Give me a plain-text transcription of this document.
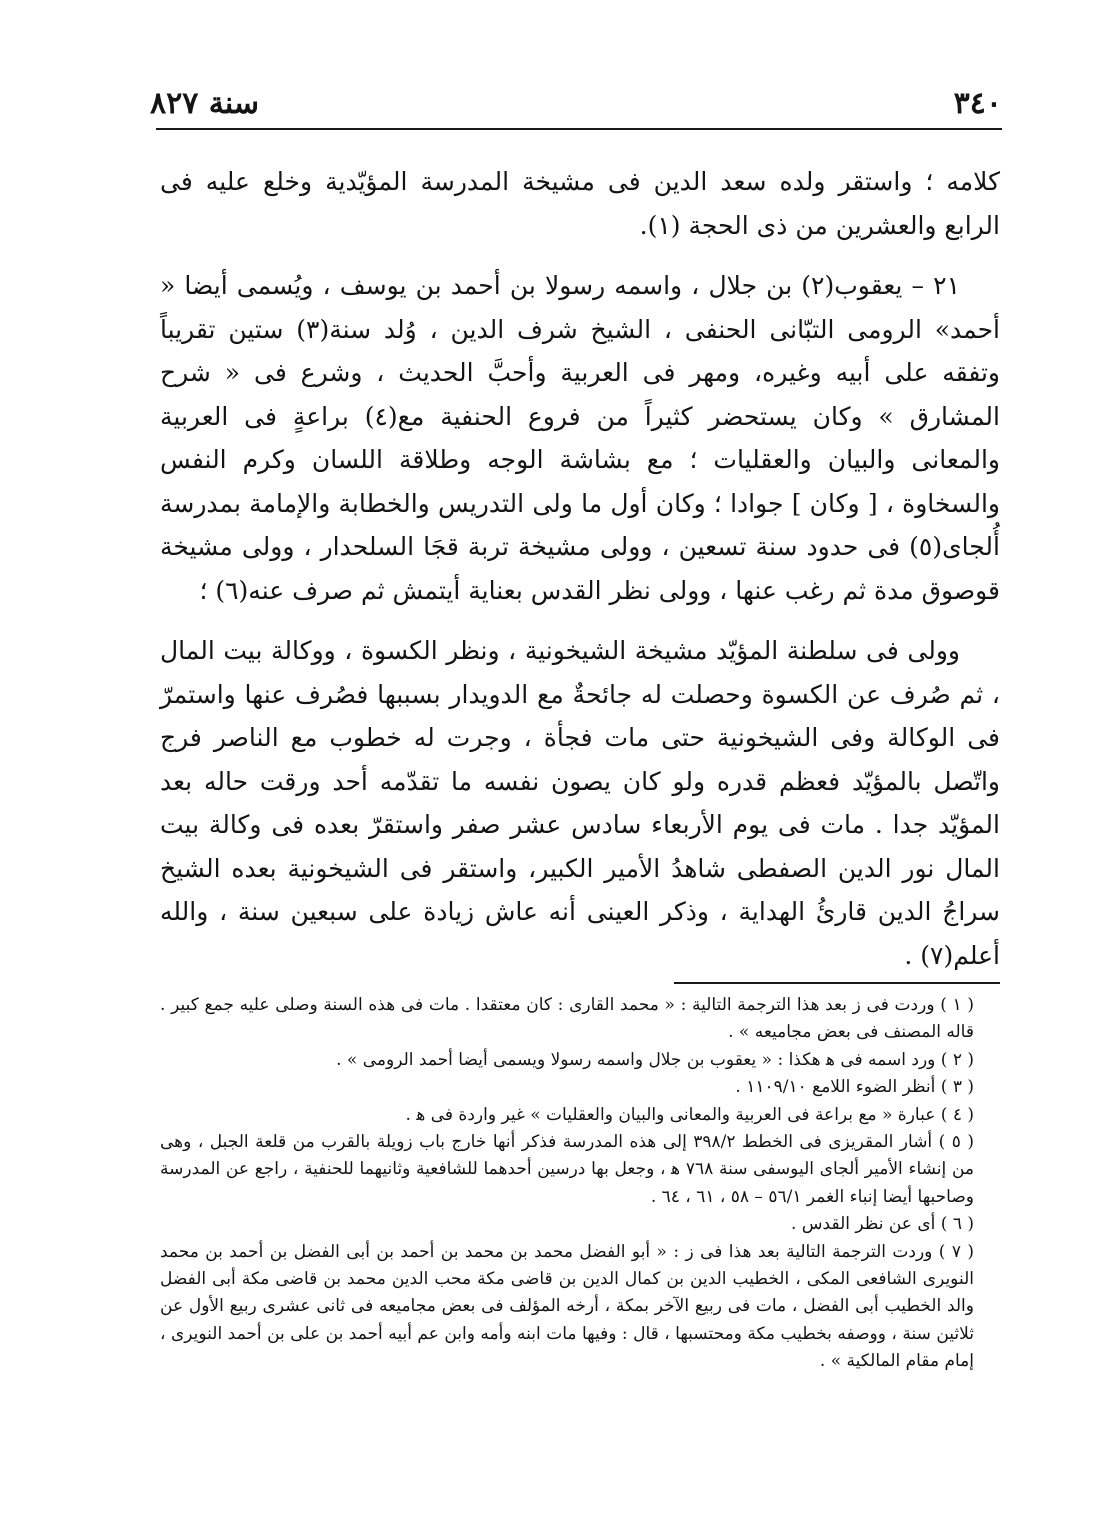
٣٤٠
سنة ٨٢٧

كلامه ؛ واستقر ولده سعد الدين فى مشيخة المدرسة المؤيّدية وخلع عليه فى الرابع والعشرين من ذى الحجة (١).

٢١ – يعقوب(٢) بن جلال ، واسمه رسولا بن أحمد بن يوسف ، ويُسمى أيضا « أحمد» الرومى التبّانى الحنفى ، الشيخ شرف الدين ، وُلد سنة(٣) ستين تقريباً وتفقه على أبيه وغيره، ومهر فى العربية وأحبَّ الحديث ، وشرع فى « شرح المشارق » وكان يستحضر كثيراً من فروع الحنفية مع(٤) براعةٍ فى العربية والمعانى والبيان والعقليات ؛ مع بشاشة الوجه وطلاقة اللسان وكرم النفس والسخاوة ، [ وكان ] جوادا ؛ وكان أول ما ولى التدريس والخطابة والإمامة بمدرسة أُلجاى(٥) فى حدود سنة تسعين ، وولى مشيخة تربة قجَا السلحدار ، وولى مشيخة قوصوق مدة ثم رغب عنها ، وولى نظر القدس بعناية أيتمش ثم صرف عنه(٦) ؛

وولى فى سلطنة المؤيّد مشيخة الشيخونية ، ونظر الكسوة ، ووكالة بيت المال ، ثم صُرف عن الكسوة وحصلت له جائحةٌ مع الدويدار بسببها فصُرف عنها واستمرّ فى الوكالة وفى الشيخونية حتى مات فجأة ، وجرت له خطوب مع الناصر فرج واتّصل بالمؤيّد فعظم قدره ولو كان يصون نفسه ما تقدّمه أحد ورقت حاله بعد المؤيّد جدا . مات فى يوم الأربعاء سادس عشر صفر واستقرّ بعده فى وكالة بيت المال نور الدين الصفطى شاهدُ الأمير الكبير، واستقر فى الشيخونية بعده الشيخ سراجُ الدين قارئُ الهداية ، وذكر العينى أنه عاش زيادة على سبعين سنة ، والله أعلم(٧) .

( ١ ) وردت فى ز بعد هذا الترجمة التالية : « محمد القارى : كان معتقدا . مات فى هذه السنة وصلى عليه جمع كبير . قاله المصنف فى بعض مجاميعه » .

( ٢ ) ورد اسمه فى ﻫ هكذا : « يعقوب بن جلال واسمه رسولا ويسمى أيضا أحمد الرومى » .

( ٣ ) أنظر الضوء اللامع ١١٠٩/١٠ .

( ٤ ) عبارة « مع براعة فى العربية والمعانى والبيان والعقليات » غير واردة فى ﻫ .

( ٥ ) أشار المقريزى فى الخطط ٣٩٨/٢ إلى هذه المدرسة فذكر أنها خارج باب زويلة بالقرب من قلعة الجبل ، وهى من إنشاء الأمير ألجاى اليوسفى سنة ٧٦٨ ﻫ ، وجعل بها درسين أحدهما للشافعية وثانيهما للحنفية ، راجع عن المدرسة وصاحبها أيضا إنباء الغمر ٥٦/١ – ٥٨ ، ٦١ ، ٦٤ .

( ٦ ) أى عن نظر القدس .

( ٧ ) وردت الترجمة التالية بعد هذا فى ز : « أبو الفضل محمد بن محمد بن أحمد بن أبى الفضل بن أحمد بن محمد النويرى الشافعى المكى ، الخطيب الدين بن كمال الدين بن قاضى مكة محب الدين محمد بن قاضى مكة أبى الفضل والد الخطيب أبى الفضل ، مات فى ربيع الآخر بمكة ، أرخه المؤلف فى بعض مجاميعه فى ثانى عشرى ربيع الأول عن ثلاثين سنة ، ووصفه بخطيب مكة ومحتسبها ، قال : وفيها مات ابنه وأمه وابن عم أبيه أحمد بن على بن أحمد النويرى ، إمام مقام المالكية » .
